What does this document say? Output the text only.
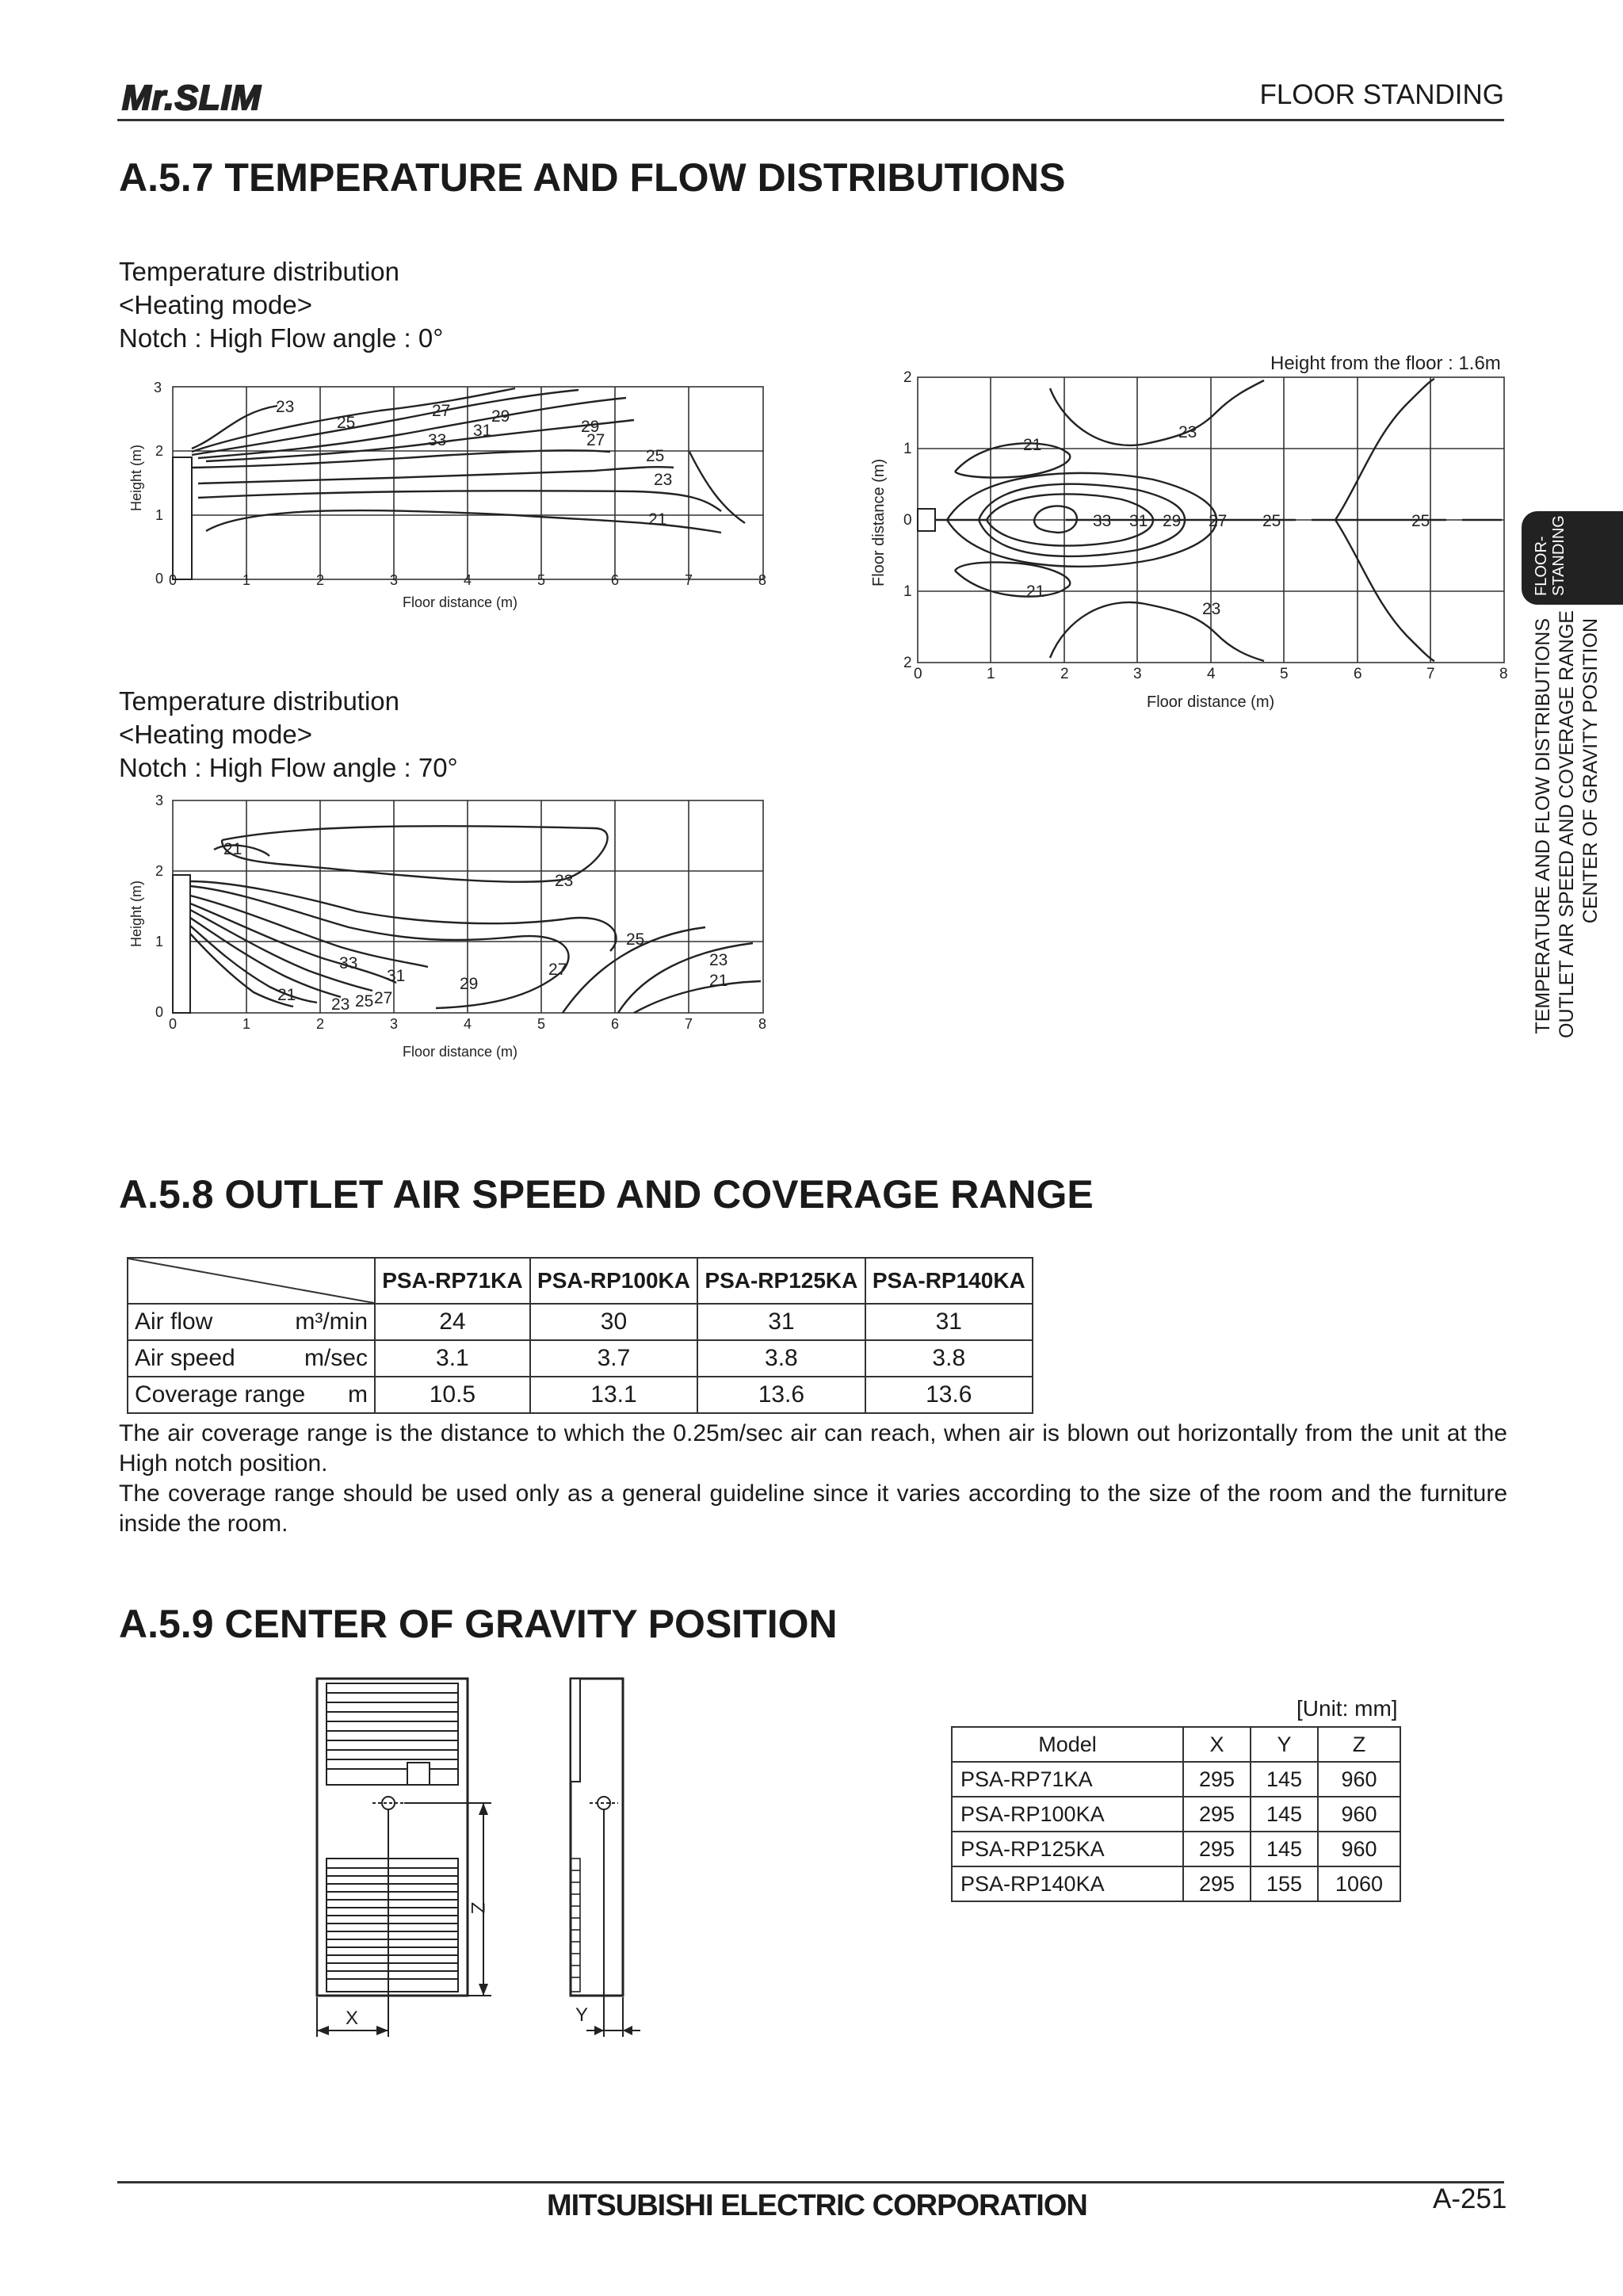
Mr.SLIM	FLOOR STANDING
A.5.7 TEMPERATURE AND FLOW DISTRIBUTIONS
Temperature distribution
<Heating mode>
Notch : High Flow angle : 0°
23
25
27 29
31
33
29
27
25
23
21
3
2
1
0 0	1	2	3	4	5	6	7	8
Floor distance (m)
Height (m)
Height from the floor : 1.6m
21
23
33 31 29 27 25	25
21
23
2
1
0
1
2
0	1	2	3	4	5	6	7	8
Floor distance (m)
Floor distance (m)
Temperature distribution
<Heating mode>
Notch : High Flow angle : 70°
21
23
25
33
31	29
27
21
23 25 27
23
21
3
2
1
0
0	1	2	3	4	5	6	7	8
Floor distance (m)
Height (m)
FLOOR- STANDING
TEMPERATURE AND FLOW DISTRIBUTIONS OUTLET AIR SPEED AND COVERAGE RANGE CENTER OF GRAVITY POSITION
A.5.8 OUTLET AIR SPEED AND COVERAGE RANGE
	PSA-RP71KA	PSA-RP100KA	PSA-RP125KA	PSA-RP140KA
Air flow m³/min	24	30	31	31
Air speed m/sec	3.1	3.7	3.8	3.8
Coverage range m	10.5	13.1	13.6	13.6
The air coverage range is the distance to which the 0.25m/sec air can reach, when air is blown out horizontally from the unit at the High notch position.
The coverage range should be used only as a general guideline since it varies according to the size of the room and the furniture inside the room.
A.5.9 CENTER OF GRAVITY POSITION
Z
X	Y
[Unit: mm]
Model	X	Y	Z
PSA-RP71KA	295	145	960
PSA-RP100KA	295	145	960
PSA-RP125KA	295	145	960
PSA-RP140KA	295	155	1060
MITSUBISHI ELECTRIC CORPORATION	A-251
